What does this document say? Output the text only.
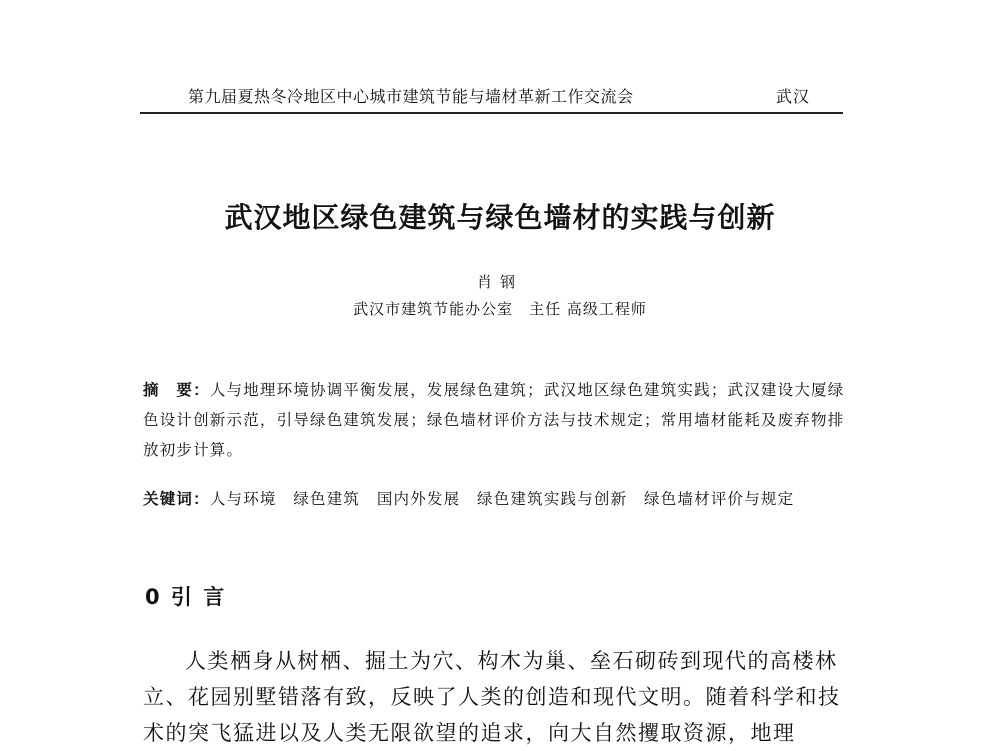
第九届夏热冬冷地区中心城市建筑节能与墙材革新工作交流会	武汉
武汉地区绿色建筑与绿色墙材的实践与创新
肖钢
武汉市建筑节能办公室　主任 高级工程师
摘　要：人与地理环境协调平衡发展，发展绿色建筑；武汉地区绿色建筑实践；武汉建设大厦绿色设计创新示范，引导绿色建筑发展；绿色墙材评价方法与技术规定；常用墙材能耗及废弃物排放初步计算。
关键词：人与环境　绿色建筑　国内外发展　绿色建筑实践与创新　绿色墙材评价与规定
0 引 言
人类栖身从树栖、掘土为穴、构木为巢、垒石砌砖到现代的高楼林立、花园别墅错落有致，反映了人类的创造和现代文明。随着科学和技术的突飞猛进以及人类无限欲望的追求，向大自然攫取资源，地理
